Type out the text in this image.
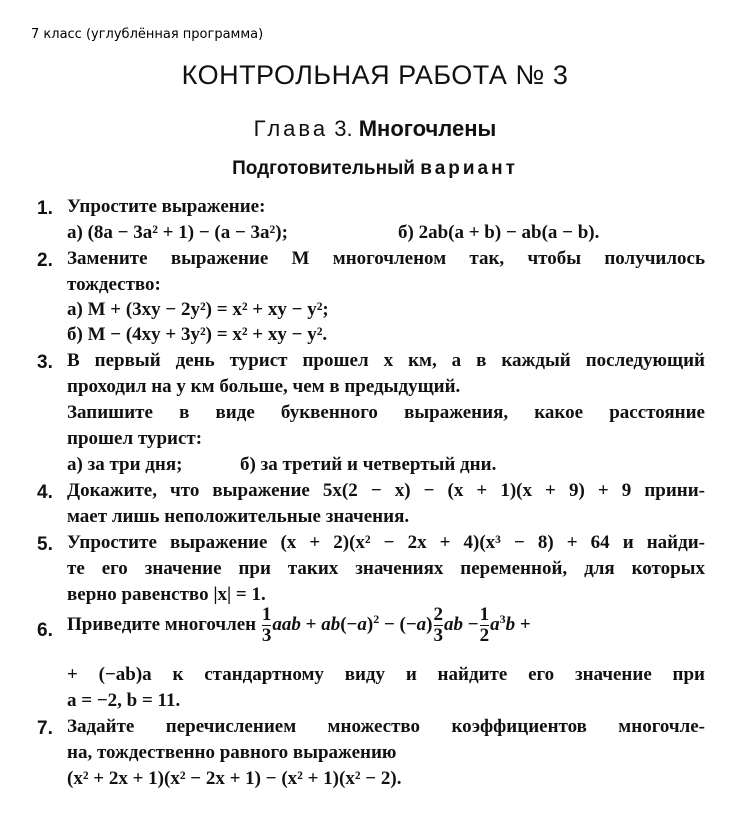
7 класс (углублённая программа)
КОНТРОЛЬНАЯ РАБОТА № 3
Глава 3. Многочлены
Подготовительный вариант
1. Упростите выражение:
а) (8a − 3a² + 1) − (a − 3a²);	б) 2ab(a + b) − ab(a − b).
2. Замените выражение M многочленом так, чтобы получилось
тождество:
а) M + (3xy − 2y²) = x² + xy − y²;
б) M − (4xy + 3y²) = x² + xy − y².
3. В первый день турист прошел x км, а в каждый последующий
проходил на y км больше, чем в предыдущий.
Запишите в виде буквенного выражения, какое расстояние
прошел турист:
а) за три дня;	б) за третий и четвертый дни.
4. Докажите, что выражение 5x(2 − x) − (x + 1)(x + 9) + 9 прини-
мает лишь неположительные значения.
5. Упростите выражение (x + 2)(x² − 2x + 4)(x³ − 8) + 64 и найди-
те его значение при таких значениях переменной, для которых
верно равенство |x| = 1.
6. Приведите многочлен
$\frac{1}{3}$ aab + $ab(-a)^2 - (-a) \frac{2}{3}$ ab − $\frac{1}{2} a^3b$ +
+ (−ab)a к стандартному виду и найдите его значение при
a = −2, b = 11.
7. Задайте перечислением множество коэффициентов многочле-
на, тождественно равного выражению
(x² + 2x + 1)(x² − 2x + 1) − (x² + 1)(x² − 2).
